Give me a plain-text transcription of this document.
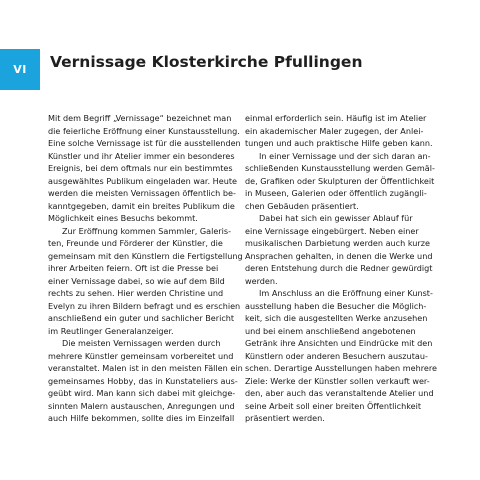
VI Vernissage Klosterkirche Pfullingen

Mit dem Begriff „Vernissage“ bezeichnet man
die feierliche Eröffnung einer Kunstausstellung.
Eine solche Vernissage ist für die ausstellenden
Künstler und ihr Atelier immer ein besonderes
Ereignis, bei dem oftmals nur ein bestimmtes
ausgewähltes Publikum eingeladen war. Heute
werden die meisten Vernissagen öffentlich be-
kanntgegeben, damit ein breites Publikum die
Möglichkeit eines Besuchs bekommt.

Zur Eröffnung kommen Sammler, Galeris-
ten, Freunde und Förderer der Künstler, die
gemeinsam mit den Künstlern die Fertigstellung
ihrer Arbeiten feiern. Oft ist die Presse bei
einer Vernissage dabei, so wie auf dem Bild
rechts zu sehen. Hier werden Christine und
Evelyn zu ihren Bildern befragt und es erschien
anschließend ein guter und sachlicher Bericht
im Reutlinger Generalanzeiger.

Die meisten Vernissagen werden durch
mehrere Künstler gemeinsam vorbereitet und
veranstaltet. Malen ist in den meisten Fällen ein
gemeinsames Hobby, das in Kunstateliers aus-
geübt wird. Man kann sich dabei mit gleichge-
sinnten Malern austauschen, Anregungen und
auch Hilfe bekommen, sollte dies im Einzelfall

einmal erforderlich sein. Häufig ist im Atelier
ein akademischer Maler zugegen, der Anlei-
tungen und auch praktische Hilfe geben kann.

In einer Vernissage und der sich daran an-
schließenden Kunstausstellung werden Gemäl-
de, Grafiken oder Skulpturen der Öffentlichkeit
in Museen, Galerien oder öffentlich zugängli-
chen Gebäuden präsentiert.

Dabei hat sich ein gewisser Ablauf für
eine Vernissage eingebürgert. Neben einer
musikalischen Darbietung werden auch kurze
Ansprachen gehalten, in denen die Werke und
deren Entstehung durch die Redner gewürdigt
werden.

Im Anschluss an die Eröffnung einer Kunst-
ausstellung haben die Besucher die Möglich-
keit, sich die ausgestellten Werke anzusehen
und bei einem anschließend angebotenen
Getränk ihre Ansichten und Eindrücke mit den
Künstlern oder anderen Besuchern auszutau-
schen. Derartige Ausstellungen haben mehrere
Ziele: Werke der Künstler sollen verkauft wer-
den, aber auch das veranstaltende Atelier und
seine Arbeit soll einer breiten Öffentlichkeit
präsentiert werden.
